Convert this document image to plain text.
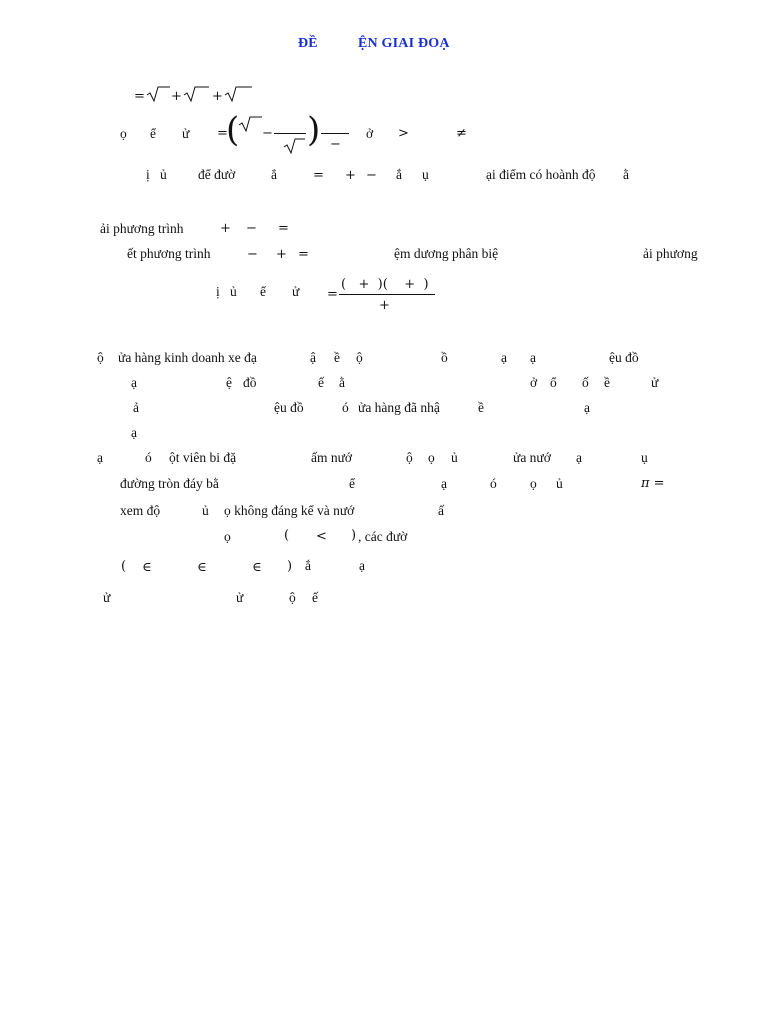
ĐỀ	ỆN GIAI ĐOẠ
= + +
ọ ể ử =
( − ) −
ở >	≠
ị ủ để đườ	ẳ	= + − ắ ụ	ại điểm có hoành độ ằ
ải phương trình	+ − =
ết phương trình	− + =	ệm dương phân biệ	ải phương
ị ủ ể ử =
(   +  )(    +  )
+
ộ ửa hàng kinh doanh xe đạ	ậ ề ộ	ồ	ạ ạ	ệu đồ
ạ	ệ đồ	ế ằ	ở ổ ố ề	ử
ả	ệu đồ	ó ửa hàng đã nhậ	ề	ạ
ạ
ạ	ó ột viên bi đặ	ấm nướ	ộ ọ ủ	ửa nướ ạ	ụ
đường tròn đáy bằ	ể	ạ	ó ọ ủ	π =
xem độ	ủ ọ không đáng kể và nướ	ấ
ọ	( < ) , các đườ
( ∈	∈	∈ ) ắ	ạ
ử	ử	ộ ế
